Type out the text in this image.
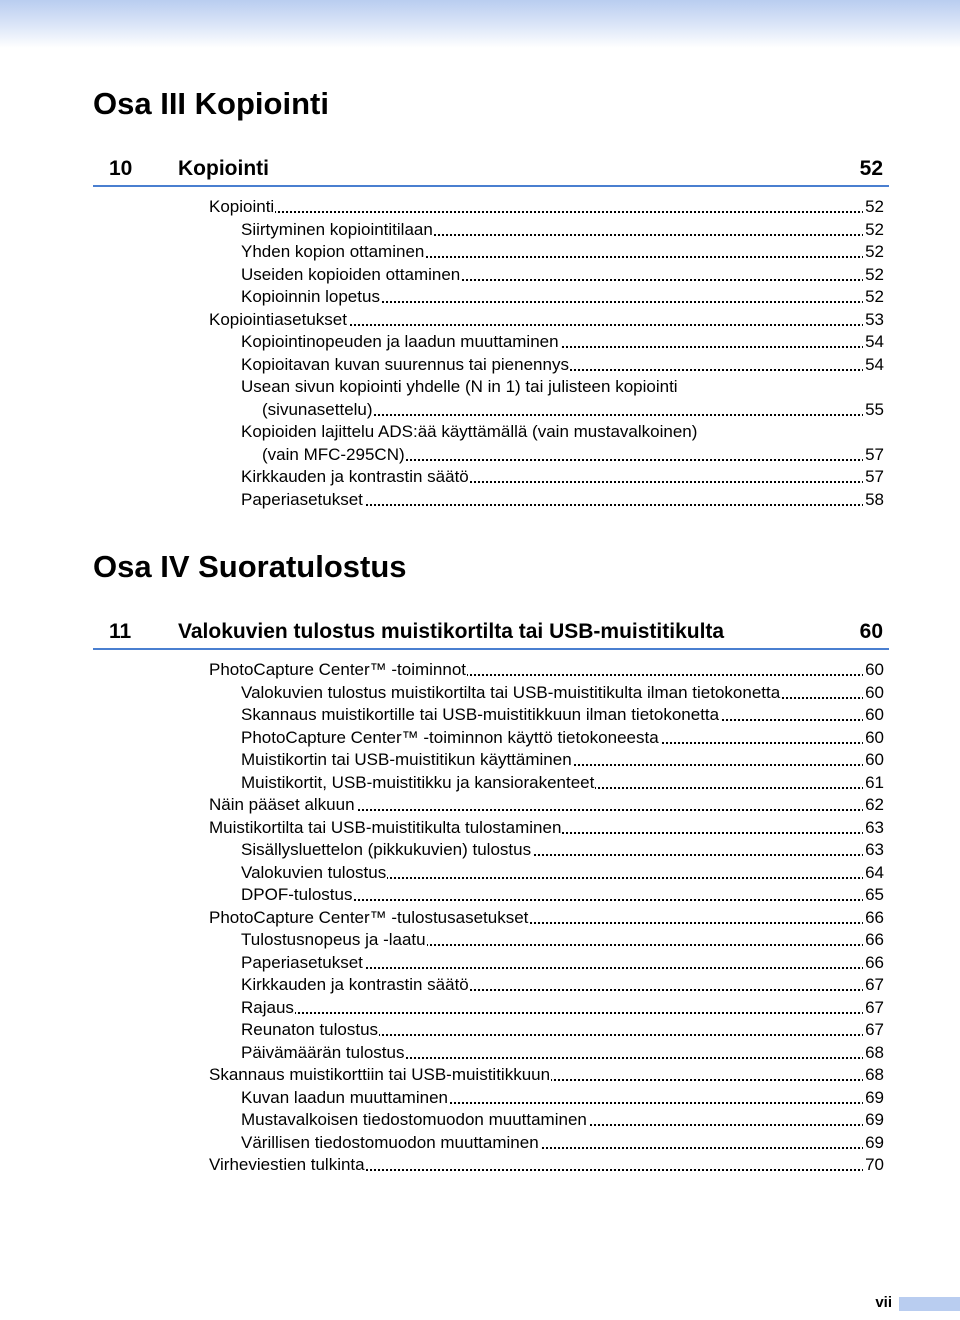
Osa III Kopiointi
10 Kopiointi	52
Kopiointi	52
Siirtyminen kopiointitilaan	52
Yhden kopion ottaminen	52
Useiden kopioiden ottaminen	52
Kopioinnin lopetus	52
Kopiointiasetukset	53
Kopiointinopeuden ja laadun muuttaminen	54
Kopioitavan kuvan suurennus tai pienennys	54
Usean sivun kopiointi yhdelle (N in 1) tai julisteen kopiointi
(sivunasettelu)	55
Kopioiden lajittelu ADS:ää käyttämällä (vain mustavalkoinen)
(vain MFC-295CN)	57
Kirkkauden ja kontrastin säätö	57
Paperiasetukset	58
Osa IV Suoratulostus
11 Valokuvien tulostus muistikortilta tai USB-muistitikulta	60
PhotoCapture Center™ -toiminnot	60
Valokuvien tulostus muistikortilta tai USB-muistitikulta ilman tietokonetta	60
Skannaus muistikortille tai USB-muistitikkuun ilman tietokonetta	60
PhotoCapture Center™ -toiminnon käyttö tietokoneesta	60
Muistikortin tai USB-muistitikun käyttäminen	60
Muistikortit, USB-muistitikku ja kansiorakenteet	61
Näin pääset alkuun	62
Muistikortilta tai USB-muistitikulta tulostaminen	63
Sisällysluettelon (pikkukuvien) tulostus	63
Valokuvien tulostus	64
DPOF-tulostus	65
PhotoCapture Center™ -tulostusasetukset	66
Tulostusnopeus ja -laatu	66
Paperiasetukset	66
Kirkkauden ja kontrastin säätö	67
Rajaus	67
Reunaton tulostus	67
Päivämäärän tulostus	68
Skannaus muistikorttiin tai USB-muistitikkuun	68
Kuvan laadun muuttaminen	69
Mustavalkoisen tiedostomuodon muuttaminen	69
Värillisen tiedostomuodon muuttaminen	69
Virheviestien tulkinta	70
vii
